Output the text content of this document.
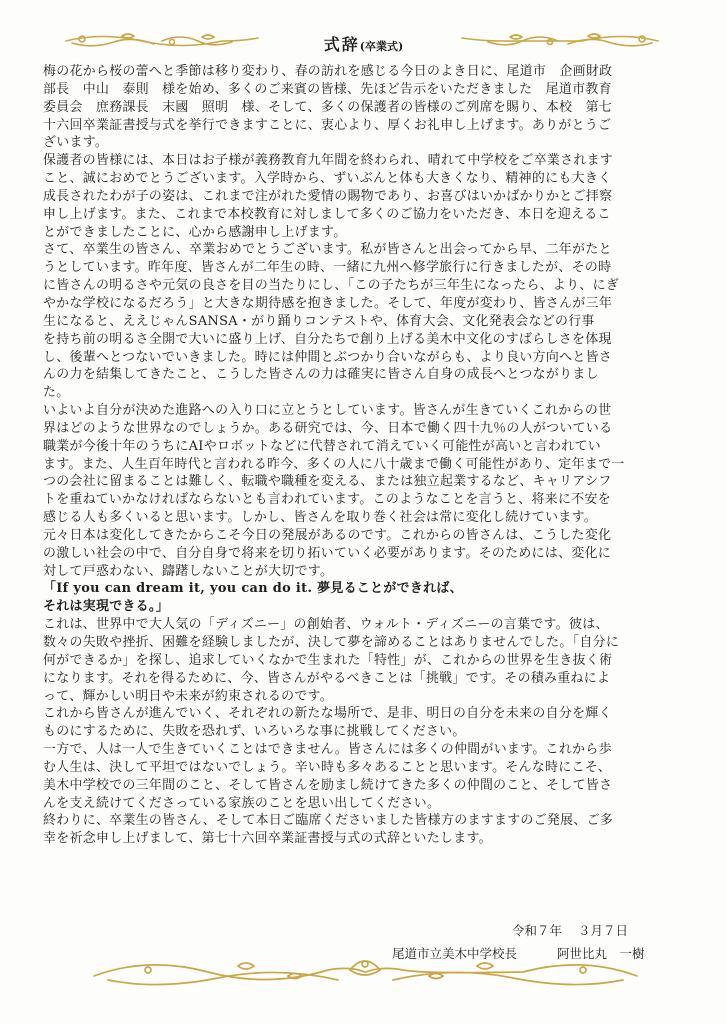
式辞(卒業式)
梅の花から桜の蕾へと季節は移り変わり、春の訪れを感じる今日のよき日に、尾道市　企画財政
部長　中山　泰則　様を始め、多くのご来賓の皆様、先ほど告示をいただきました　尾道市教育
委員会　庶務課長　末國　照明　様、そして、多くの保護者の皆様のご列席を賜り、本校　第七
十六回卒業証書授与式を挙行できますことに、衷心より、厚くお礼申し上げます。ありがとうご
ざいます。
保護者の皆様には、本日はお子様が義務教育九年間を終わられ、晴れて中学校をご卒業されます
こと、誠におめでとうございます。入学時から、ずいぶんと体も大きくなり、精神的にも大きく
成長されたわが子の姿は、これまで注がれた愛情の賜物であり、お喜びはいかばかりかとご拝察
申し上げます。また、これまで本校教育に対しまして多くのご協力をいただき、本日を迎えるこ
とができましたことに、心から感謝申し上げます。
さて、卒業生の皆さん、卒業おめでとうございます。私が皆さんと出会ってから早、二年がたと
うとしています。昨年度、皆さんが二年生の時、一緒に九州へ修学旅行に行きましたが、その時
に皆さんの明るさや元気の良さを目の当たりにし、「この子たちが三年生になったら、より、にぎ
やかな学校になるだろう」と大きな期待感を抱きました。そして、年度が変わり、皆さんが三年
生になると、ええじゃんSANSA・がり踊りコンテストや、体育大会、文化発表会などの行事
を持ち前の明るさ全開で大いに盛り上げ、自分たちで創り上げる美木中文化のすばらしさを体現
し、後輩へとつないでいきました。時には仲間とぶつかり合いながらも、より良い方向へと皆さ
んの力を結集してきたこと、こうした皆さんの力は確実に皆さん自身の成長へとつながりまし
た。
いよいよ自分が決めた進路への入り口に立とうとしています。皆さんが生きていくこれからの世
界はどのような世界なのでしょうか。ある研究では、今、日本で働く四十九％の人がついている
職業が今後十年のうちにAIやロボットなどに代替されて消えていく可能性が高いと言われてい
ます。また、人生百年時代と言われる昨今、多くの人に八十歳まで働く可能性があり、定年まで一
つの会社に留まることは難しく、転職や職種を変える、または独立起業するなど、キャリアシフ
トを重ねていかなければならないとも言われています。このようなことを言うと、将来に不安を
感じる人も多くいると思います。しかし、皆さんを取り巻く社会は常に変化し続けています。
元々日本は変化してきたからこそ今日の発展があるのです。これからの皆さんは、こうした変化
の激しい社会の中で、自分自身で将来を切り拓いていく必要があります。そのためには、変化に
対して戸惑わない、躊躇しないことが大切です。
「If you can dream it, you can do it. 夢見ることができれば、
それは実現できる。」
これは、世界中で大人気の「ディズニー」の創始者、ウォルト・ディズニーの言葉です。彼は、
数々の失敗や挫折、困難を経験しましたが、決して夢を諦めることはありませんでした。「自分に
何ができるか」を探し、追求していくなかで生まれた「特性」が、これからの世界を生き抜く術
になります。それを得るために、今、皆さんがやるべきことは「挑戦」です。その積み重ねによ
って、輝かしい明日や未来が約束されるのです。
これから皆さんが進んでいく、それぞれの新たな場所で、是非、明日の自分を未来の自分を輝く
ものにするために、失敗を恐れず、いろいろな事に挑戦してください。
一方で、人は一人で生きていくことはできません。皆さんには多くの仲間がいます。これから歩
む人生は、決して平坦ではないでしょう。辛い時も多々あることと思います。そんな時にこそ、
美木中学校での三年間のこと、そして皆さんを励まし続けてきた多くの仲間のこと、そして皆さ
んを支え続けてくださっている家族のことを思い出してください。
終わりに、卒業生の皆さん、そして本日ご臨席くださいました皆様方のますますのご発展、ご多
幸を祈念申し上げまして、第七十六回卒業証書授与式の式辞といたします。
令和７年 ３月７日
尾道市立美木中学校長	阿世比丸　一樹
